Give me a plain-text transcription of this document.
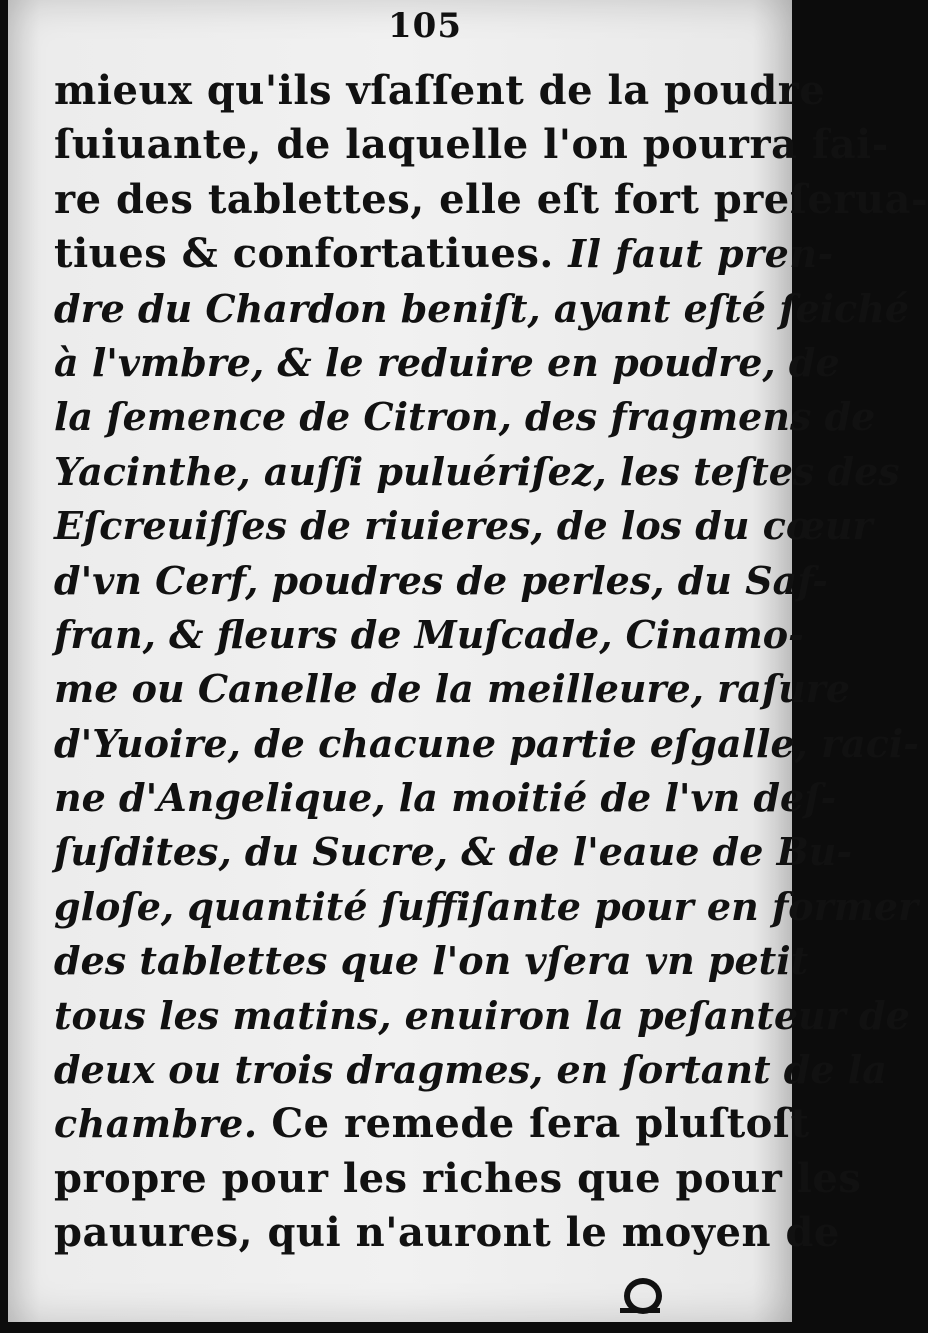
105
mieux qu'ils vſaſſent de la poudre
ſuiuante, de laquelle l'on pourra fai-
re des tablettes, elle eſt fort preſerua-
tiues & confortatiues. Il faut pren-
dre du Chardon beniſt, ayant eſté ſeiché
à l'vmbre, & le reduire en poudre, de
la ſemence de Citron, des fragmens de
Yacinthe, auſſi puluériſez, les teſtes des
Eſcreuiſſes de riuieres, de los du cœur
d'vn Cerf, poudres de perles, du Saf-
fran, & fleurs de Muſcade, Cinamo-
me ou Canelle de la meilleure, raſure
d'Yuoire, de chacune partie eſgalle, raci-
ne d'Angelique, la moitié de l'vn deſ-
ſuſdites, du Sucre, & de l'eaue de Bu-
gloſe, quantité ſuffiſante pour en former
des tablettes que l'on vſera vn petit
tous les matins, enuiron la peſanteur de
deux ou trois dragmes, en ſortant de la
chambre. Ce remede ſera pluſtoſt
propre pour les riches que pour les
pauures, qui n'auront le moyen de
